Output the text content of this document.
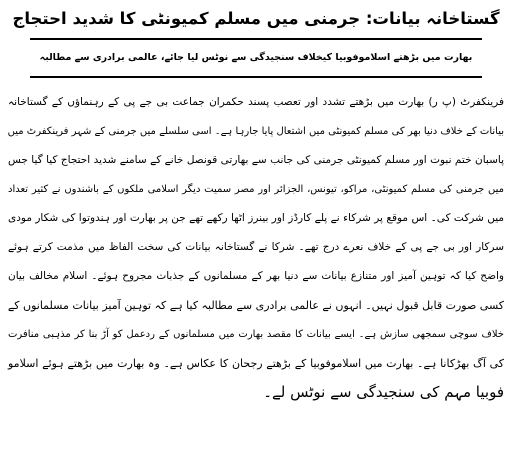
گستاخانہ بیانات: جرمنی میں مسلم کمیونٹی کا شدید احتجاج
بھارت میں بڑھتے اسلاموفوبیا کیخلاف سنجیدگی سے نوٹس لیا جائے، عالمی برادری سے مطالبہ
فرینکفرٹ (پ ر) بھارت میں بڑھتے تشدد اور تعصب پسند حکمران جماعت بی جے پی کے رہنماؤں کے گستاخانہ
بیانات کے خلاف دنیا بھر کی مسلم کمیونٹی میں اشتعال پایا جارہا ہے۔ اسی سلسلے میں جرمنی کے شہر فرینکفرٹ میں
پاسبان ختم نبوت اور مسلم کمیونٹی جرمنی کی جانب سے بھارتی قونصل خانے کے سامنے شدید احتجاج کیا گیا جس
میں جرمنی کی مسلم کمیونٹی، مراکو، تیونس، الجزائر اور مصر سمیت دیگر اسلامی ملکوں کے باشندوں نے کثیر تعداد
میں شرکت کی۔ اس موقع پر شرکاء نے پلے کارڈز اور بینرز اٹھا رکھے تھے جن پر بھارت اور ہندوتوا کی شکار مودی
سرکار اور بی جے پی کے خلاف نعرے درج تھے۔ شرکا نے گستاخانہ بیانات کی سخت الفاظ میں مذمت کرتے ہوئے
واضح کیا کہ توہین آمیز اور متنازع بیانات سے دنیا بھر کے مسلمانوں کے جذبات مجروح ہوئے۔ اسلام مخالف بیان
کسی صورت قابل قبول نہیں۔ انہوں نے عالمی برادری سے مطالبہ کیا ہے کہ توہین آمیز بیانات مسلمانوں کے
خلاف سوچی سمجھی سازش ہے۔ ایسے بیانات کا مقصد بھارت میں مسلمانوں کے ردعمل کو آڑ بنا کر مذہبی منافرت
کی آگ بھڑکانا ہے۔ بھارت میں اسلاموفوبیا کے بڑھتے رجحان کا عکاس ہے۔ وہ بھارت میں بڑھتے ہوئے اسلامو
فوبیا مہم کی سنجیدگی سے نوٹس لے۔
